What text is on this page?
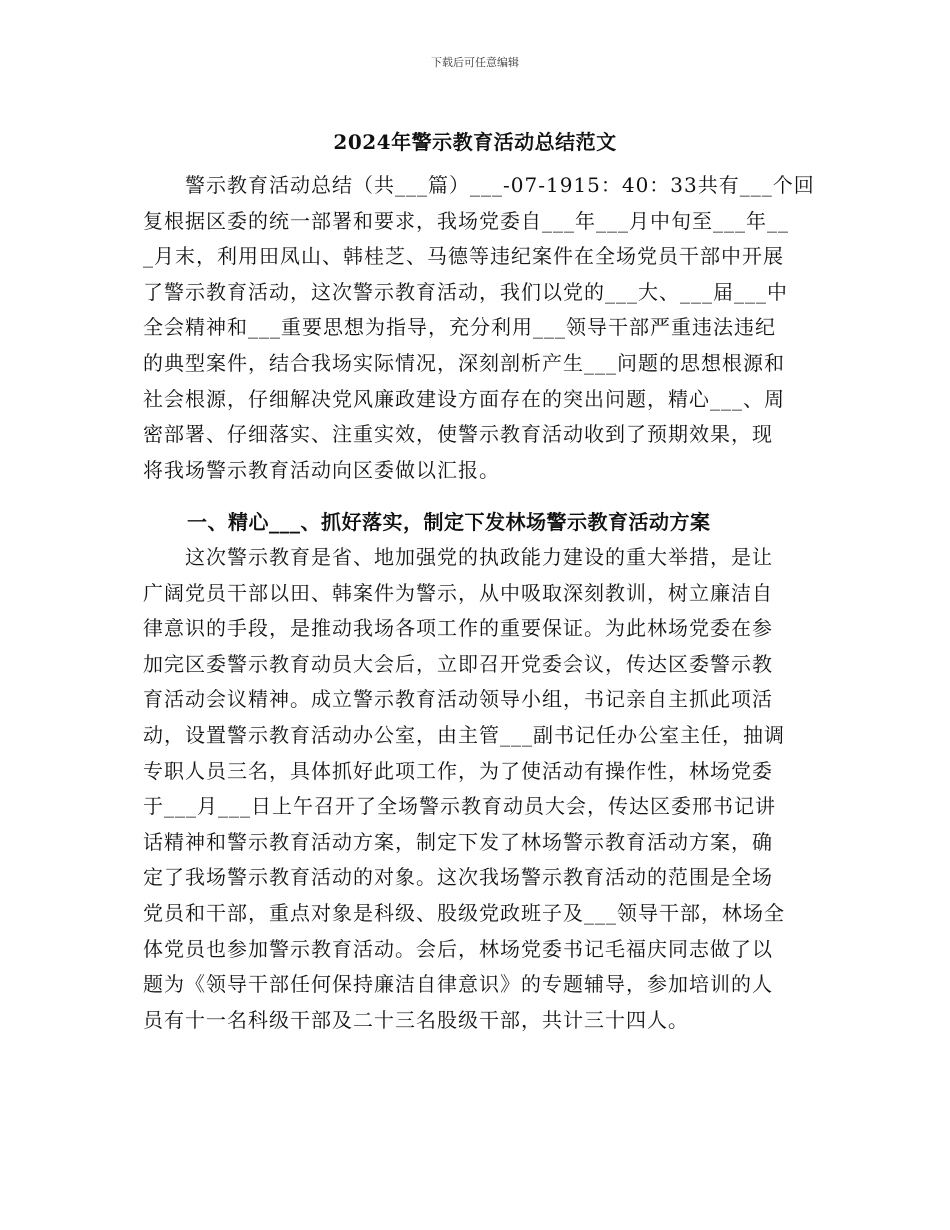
下载后可任意编辑
2024年警示教育活动总结范文
　　警示教育活动总结（共___篇）___-07-1915：40：33共有___个回
复根据区委的统一部署和要求，我场党委自___年___月中旬至___年__
_月末，利用田凤山、韩桂芝、马德等违纪案件在全场党员干部中开展
了警示教育活动，这次警示教育活动，我们以党的___大、___届___中
全会精神和___重要思想为指导，充分利用___领导干部严重违法违纪
的典型案件，结合我场实际情况，深刻剖析产生___问题的思想根源和
社会根源，仔细解决党风廉政建设方面存在的突出问题，精心___、周
密部署、仔细落实、注重实效，使警示教育活动收到了预期效果，现
将我场警示教育活动向区委做以汇报。
一、精心___、抓好落实，制定下发林场警示教育活动方案
　　这次警示教育是省、地加强党的执政能力建设的重大举措，是让
广阔党员干部以田、韩案件为警示，从中吸取深刻教训，树立廉洁自
律意识的手段，是推动我场各项工作的重要保证。为此林场党委在参
加完区委警示教育动员大会后，立即召开党委会议，传达区委警示教
育活动会议精神。成立警示教育活动领导小组，书记亲自主抓此项活
动，设置警示教育活动办公室，由主管___副书记任办公室主任，抽调
专职人员三名，具体抓好此项工作，为了使活动有操作性，林场党委
于___月___日上午召开了全场警示教育动员大会，传达区委邢书记讲
话精神和警示教育活动方案，制定下发了林场警示教育活动方案，确
定了我场警示教育活动的对象。这次我场警示教育活动的范围是全场
党员和干部，重点对象是科级、股级党政班子及___领导干部，林场全
体党员也参加警示教育活动。会后，林场党委书记毛福庆同志做了以
题为《领导干部任何保持廉洁自律意识》的专题辅导，参加培训的人
员有十一名科级干部及二十三名股级干部，共计三十四人。
